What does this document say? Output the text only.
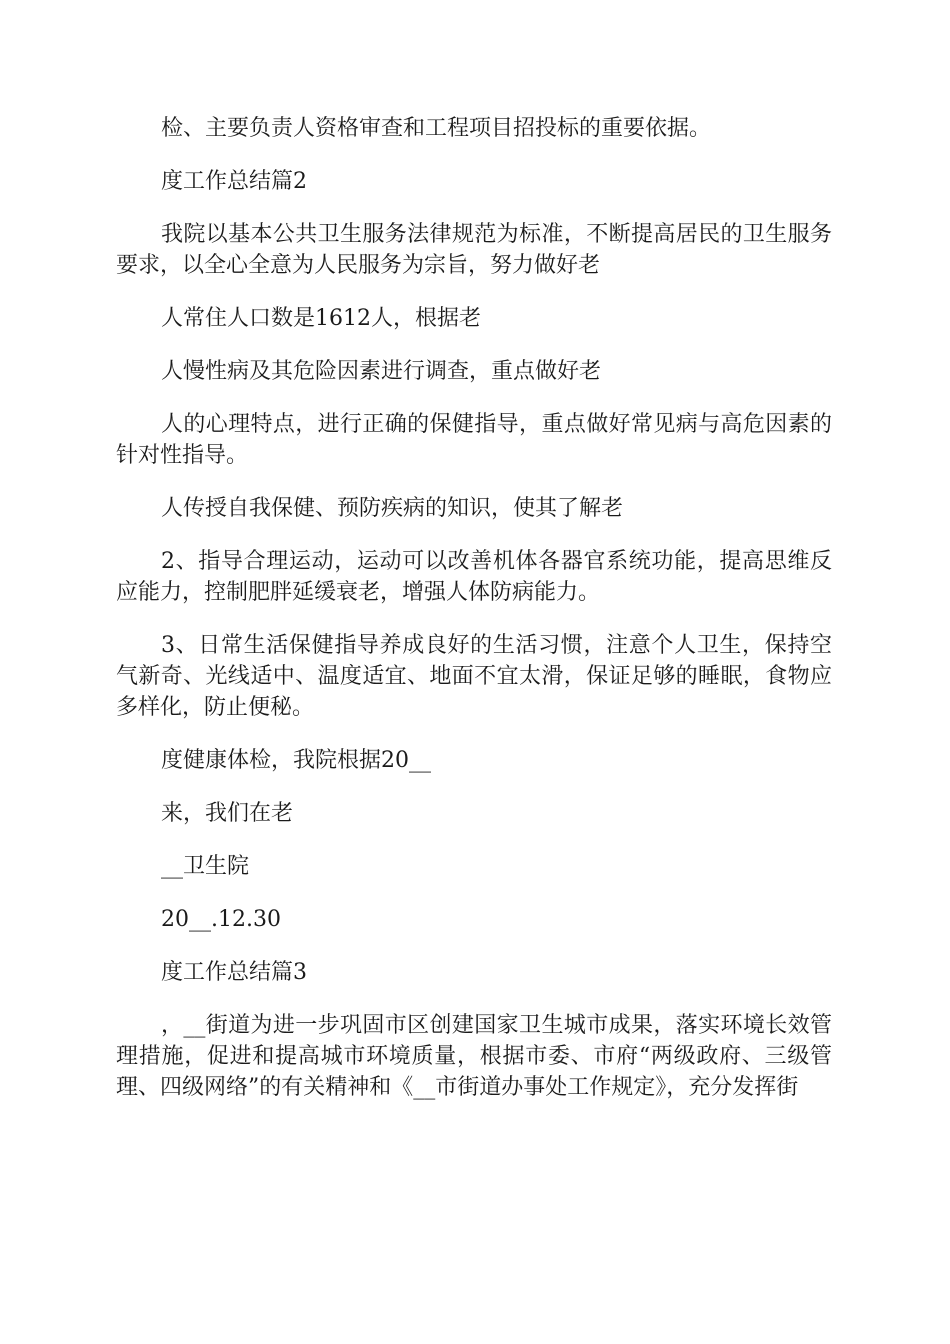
检、主要负责人资格审查和工程项目招投标的重要依据。

度工作总结篇2

我院以基本公共卫生服务法律规范为标准，不断提高居民的卫生服务要求，以全心全意为人民服务为宗旨，努力做好老

人常住人口数是1612人，根据老

人慢性病及其危险因素进行调查，重点做好老

人的心理特点，进行正确的保健指导，重点做好常见病与高危因素的针对性指导。

人传授自我保健、预防疾病的知识，使其了解老

2、指导合理运动，运动可以改善机体各器官系统功能，提高思维反应能力，控制肥胖延缓衰老，增强人体防病能力。

3、日常生活保健指导养成良好的生活习惯，注意个人卫生，保持空气新奇、光线适中、温度适宜、地面不宜太滑，保证足够的睡眠，食物应多样化，防止便秘。

度健康体检，我院根据20__

来，我们在老

__卫生院

20__.12.30

度工作总结篇3

，__街道为进一步巩固市区创建国家卫生城市成果，落实环境长效管理措施，促进和提高城市环境质量，根据市委、市府“两级政府、三级管理、四级网络”的有关精神和《__市街道办事处工作规定》，充分发挥街
